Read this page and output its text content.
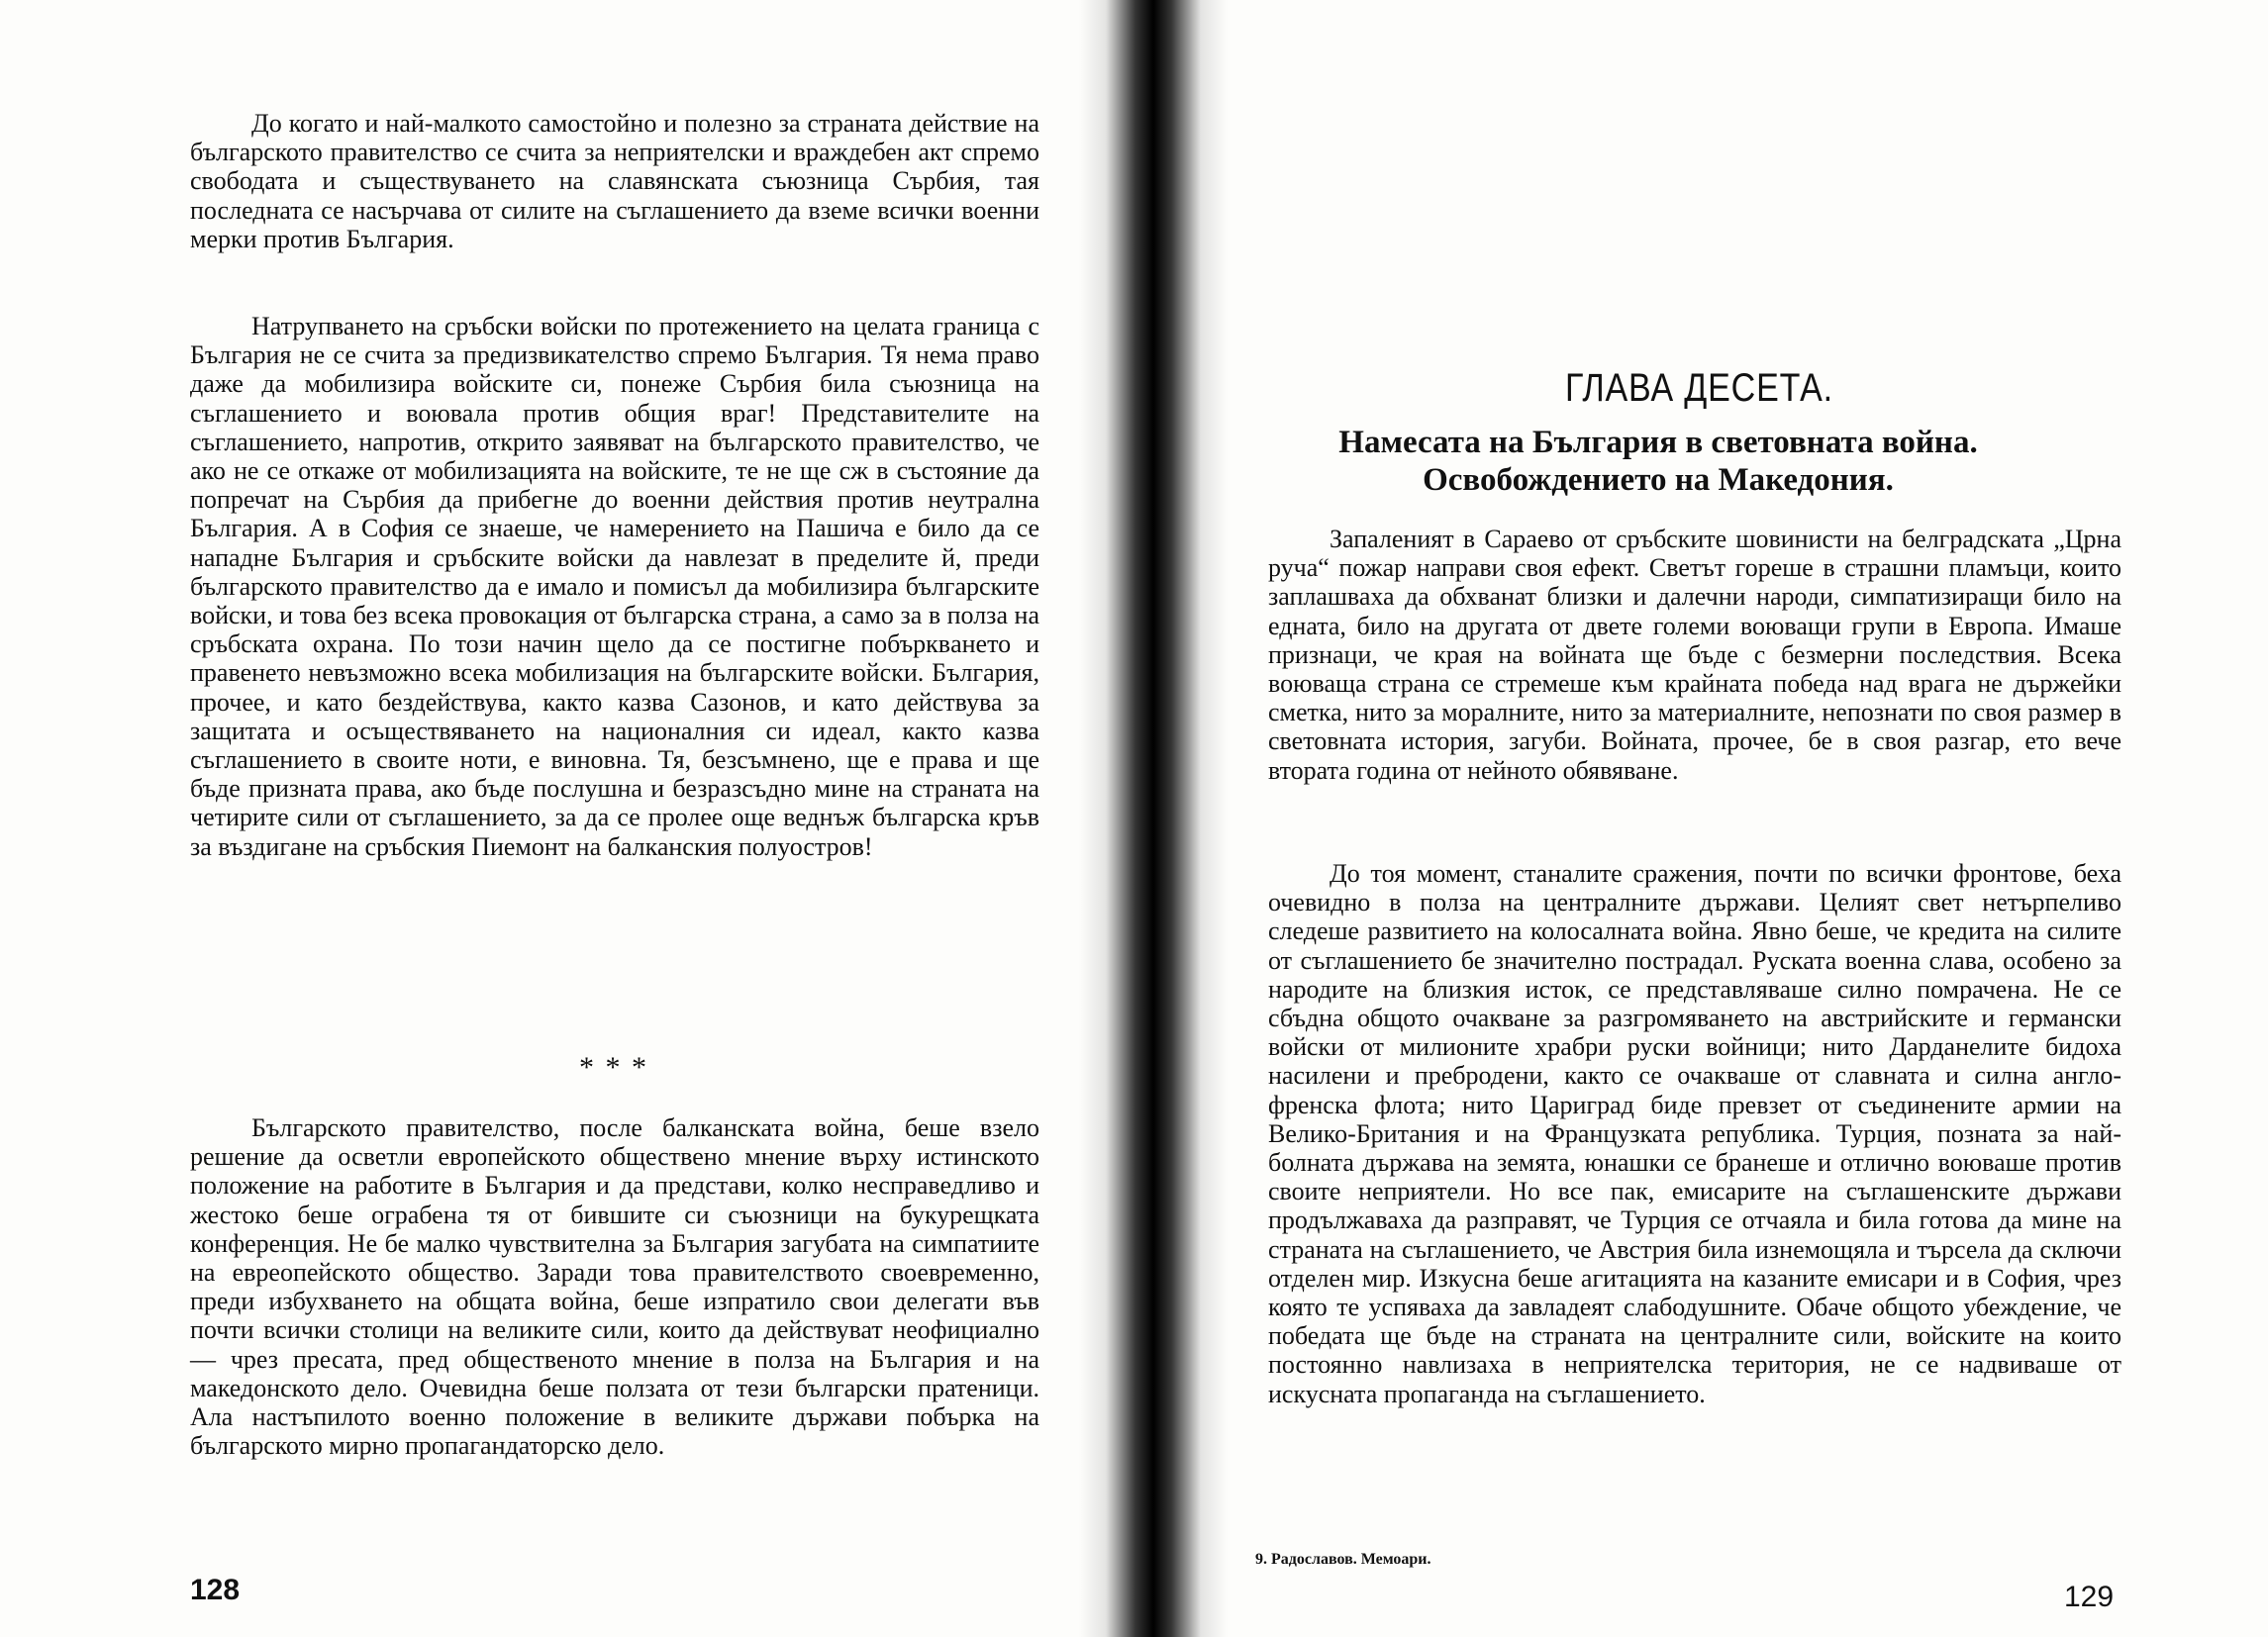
До когато и най-малкото самостойно и полезно за страната действие на българското правителство се счита за неприятелски и враждебен акт спремо свободата и съществуването на славянската съюзница Сърбия, тая последната се насърчава от силите на съглашението да вземе всички военни мерки против България.

Натрупването на сръбски войски по протежението на целата граница с България не се счита за предизвикателство спремо България. Тя нема право даже да мобилизира войските си, понеже Сърбия била съюзница на съглашението и воювала против общия враг! Представителите на съглашението, напротив, открито заявяват на българското правителство, че ако не се откаже от мобилизацията на войските, те не ще сж в състояние да попречат на Сърбия да прибегне до военни действия против неутрална България. А в София се знаеше, че намерението на Пашича е било да се нападне България и сръбските войски да навлезат в пределите й, преди българското правителство да е имало и помисъл да мобилизира българските войски, и това без всека провокация от българска страна, а само за в полза на сръбската охрана. По този начин щело да се постигне побърквaнето и правенето невъзможно всека мобилизация на българските войски. България, прочее, и като бездействува, както казва Сазонов, и като действува за защитата и осъществяването на националния си идеал, както казва съглашението в своите ноти, е виновна. Тя, безсъмнено, ще е права и ще бъде призната права, ако бъде послушна и безразсъдно мине на страната на четирите сили от съглашението, за да се пролее още веднъж българска кръв за въздигане на сръбския Пиемонт на балканския полуостров!

* * *

Българското правителство, после балканската война, беше взело решение да осветли европейското обществено мнение върху истинското положение на работите в България и да представи, колко несправедливо и жестоко беше ограбена тя от бившите си съюзници на букурещката конференция. Не бе малко чувствителна за България загубата на симпатиите на евреопейското общество. Заради това правителството своевременно, преди избухването на общата война, беше изпратило свои делегати във почти всички столици на великите сили, които да действуват неофициално — чрез пресата, пред общественото мнение в полза на България и на македонското дело. Очевидна беше ползата от тези български пратеници. Ала настъпилото военно положение в великите държави побърка на българското мирно пропагандаторско дело.

128
ГЛАВА ДЕСЕТА.
Намесата на България в световната война.
Освобождението на Македония.

Запаленият в Сараево от сръбските шовинисти на белградската „Црна руча“ пожар направи своя ефект. Светът гореше в страшни пламъци, които заплашваха да обхванат близки и далечни народи, симпатизиращи било на едната, било на другата от двете големи воюващи групи в Европа. Имаше признаци, че края на войната ще бъде с безмерни последствия. Всека воюваща страна се стремеше към крайната победа над врага не държейки сметка, нито за моралните, нито за материалните, непознати по своя размер в световната история, загуби. Войната, прочее, бе в своя разгар, ето вече втората година от нейното обявяване.

До тоя момент, станалите сражения, почти по всички фронтове, беха очевидно в полза на централните държави. Целият свет нетърпеливо следеше развитието на колосалната война. Явно беше, че кредита на силите от съглашението бе значително пострадал. Руската военна слава, особено за народите на близкия исток, се представляваше силно помрачена. Не се сбъдна общото очакване за разгромяването на австрийските и германски войски от милионите храбри руски войници; нито Дарданелите бидоха насилени и пребродени, както се очакваше от славната и силна англо-френска флота; нито Цариград биде превзет от съединените армии на Велико-Британия и на Французката република. Турция, позната за най-болната държава на земята, юнашки се бранеше и отлично воюваше против своите неприятели. Но все пак, емисарите на съглашенските държави продължаваха да разправят, че Турция се отчаяла и била готова да мине на страната на съглашението, че Австрия била изнемощяла и търсела да сключи отделен мир. Изкусна беше агитацията на казаните емисари и в София, чрез която те успяваха да завладеят слабодушните. Обаче общото убеждение, че победата ще бъде на страната на централните сили, войските на които постоянно навлизаха в неприятелска територия, не се надвиваше от искусната пропаганда на съглашението.

9. Радославов. Мемоари.
129
